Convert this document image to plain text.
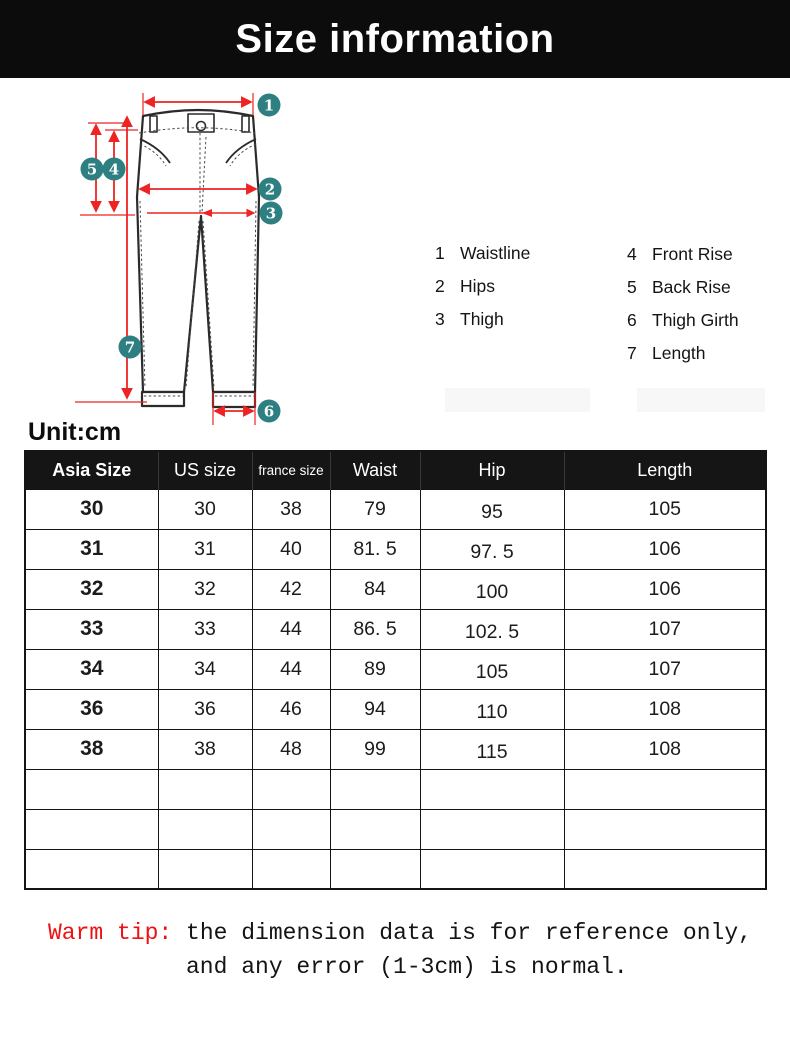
Size information
1
2
3
4
5
6
7
1 Waistline
2 Hips
3 Thigh
4 Front Rise
5 Back Rise
6 Thigh Girth
7 Length
Unit:cm
Asia Size	US size	france size	Waist	Hip	Length
30	30	38	79	95	105
31	31	40	81. 5	97. 5	106
32	32	42	84	100	106
33	33	44	86. 5	102. 5	107
34	34	44	89	105	107
36	36	46	94	110	108
38	38	48	99	115	108

Warm tip: the dimension data is for reference only,
and any error (1-3cm) is normal.
